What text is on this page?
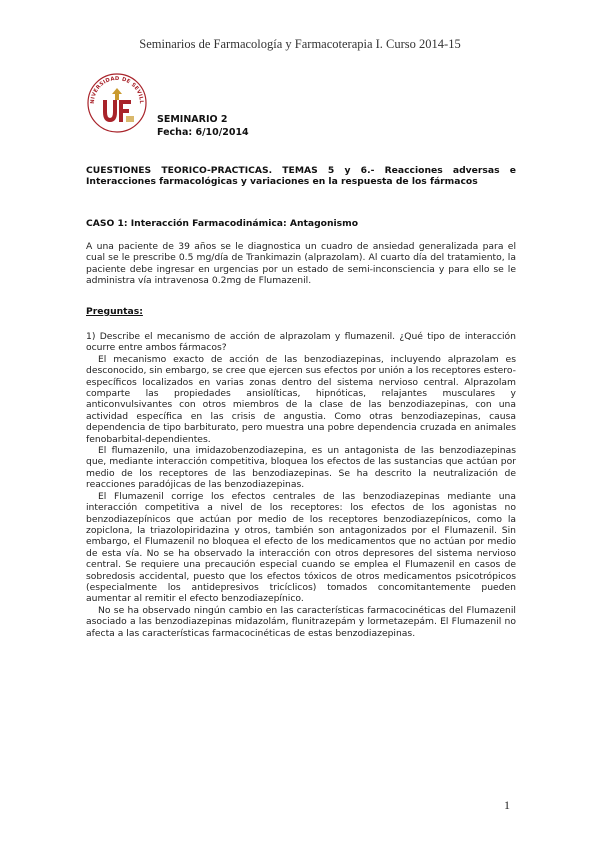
Seminarios de Farmacología y Farmacoterapia I. Curso 2014-15
NIVERSIDAD DE SEVILL
SEMINARIO 2
Fecha: 6/10/2014
CUESTIONES TEORICO-PRACTICAS. TEMAS 5 y 6.- Reacciones adversas e Interacciones farmacológicas y variaciones en la respuesta de los fármacos
CASO 1: Interacción Farmacodinámica: Antagonismo
A una paciente de 39 años se le diagnostica un cuadro de ansiedad generalizada para el cual se le prescribe 0.5 mg/día de Trankimazin (alprazolam). Al cuarto día del tratamiento, la paciente debe ingresar en urgencias por un estado de semi-inconsciencia y para ello se le administra vía intravenosa 0.2mg de Flumazenil.
Preguntas:

1) Describe el mecanismo de acción de alprazolam y flumazenil. ¿Qué tipo de interacción ocurre entre ambos fármacos?

El mecanismo exacto de acción de las benzodiazepinas, incluyendo alprazolam es desconocido, sin embargo, se cree que ejercen sus efectos por unión a los receptores estero-específicos localizados en varias zonas dentro del sistema nervioso central. Alprazolam comparte las propiedades ansiolíticas, hipnóticas, relajantes musculares y anticonvulsivantes con otros miembros de la clase de las benzodiazepinas, con una actividad específica en las crisis de angustia. Como otras benzodiazepinas, causa dependencia de tipo barbiturato, pero muestra una pobre dependencia cruzada en animales fenobarbital-dependientes.

El flumazenilo, una imidazobenzodiazepina, es un antagonista de las benzodiazepinas que, mediante interacción competitiva, bloquea los efectos de las sustancias que actúan por medio de los receptores de las benzodiazepinas. Se ha descrito la neutralización de reacciones paradójicas de las benzodiazepinas.

El Flumazenil corrige los efectos centrales de las benzodiazepinas mediante una interacción competitiva a nivel de los receptores: los efectos de los agonistas no benzodiazepínicos que actúan por medio de los receptores benzodiazepínicos, como la zopiclona, la triazolopiridazina y otros, también son antagonizados por el Flumazenil. Sin embargo, el Flumazenil no bloquea el efecto de los medicamentos que no actúan por medio de esta vía. No se ha observado la interacción con otros depresores del sistema nervioso central. Se requiere una precaución especial cuando se emplea el Flumazenil en casos de sobredosis accidental, puesto que los efectos tóxicos de otros medicamentos psicotrópicos (especialmente los antidepresivos tricíclicos) tomados concomitantemente pueden aumentar al remitir el efecto benzodiazepínico.

No se ha observado ningún cambio en las características farmacocinéticas del Flumazenil asociado a las benzodiazepinas midazolám, flunitrazepám y lormetazepám. El Flumazenil no afecta a las características farmacocinéticas de estas benzodiazepinas.

1
